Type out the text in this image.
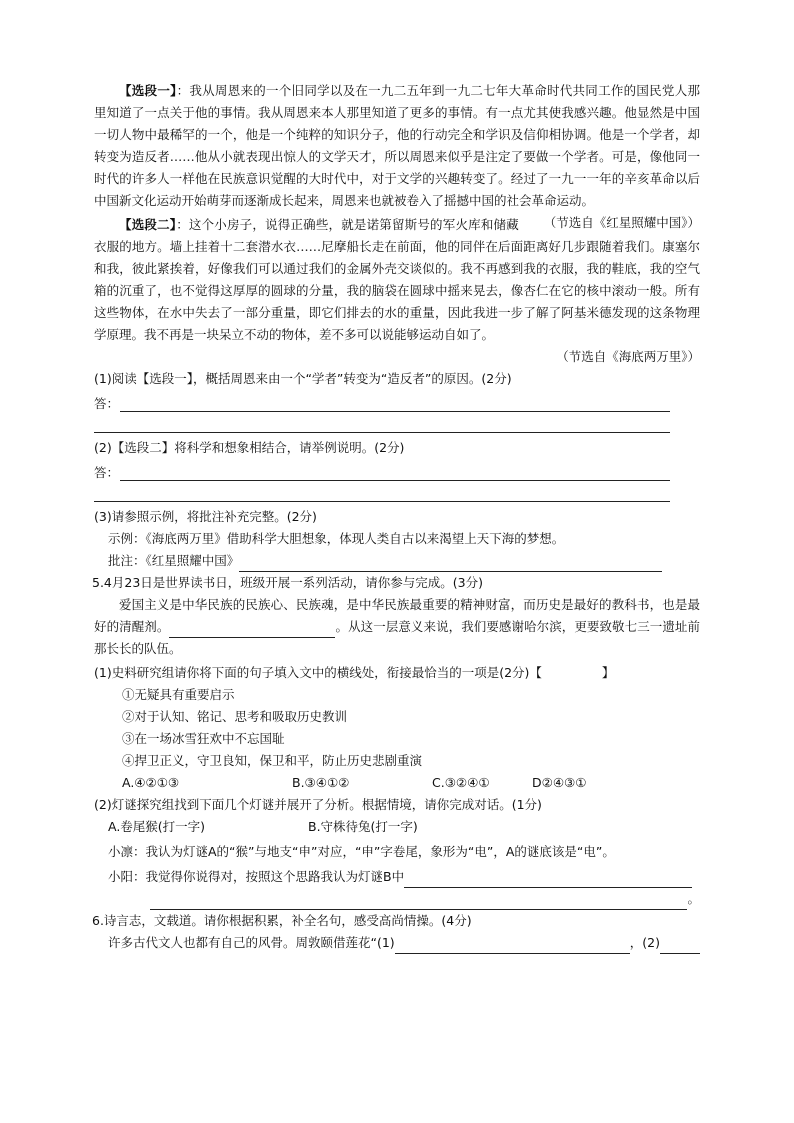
【选段一】：我从周恩来的一个旧同学以及在一九二五年到一九二七年大革命时代共同工作的国民党人那里知道了一点关于他的事情。我从周恩来本人那里知道了更多的事情。有一点尤其使我感兴趣。他显然是中国一切人物中最稀罕的一个，他是一个纯粹的知识分子，他的行动完全和学识及信仰相协调。他是一个学者，却转变为造反者……他从小就表现出惊人的文学天才，所以周恩来似乎是注定了要做一个学者。可是，像他同一时代的许多人一样他在民族意识觉醒的大时代中，对于文学的兴趣转变了。经过了一九一一年的辛亥革命以后中国新文化运动开始萌芽而逐渐成长起来，周恩来也就被卷入了摇撼中国的社会革命运动。
（节选自《红星照耀中国》）

【选段二】：这个小房子，说得正确些，就是诺第留斯号的军火库和储藏衣服的地方。墙上挂着十二套潜水衣……尼摩船长走在前面，他的同伴在后面距离好几步跟随着我们。康塞尔和我，彼此紧挨着，好像我们可以通过我们的金属外壳交谈似的。我不再感到我的衣服，我的鞋底，我的空气箱的沉重了，也不觉得这厚厚的圆球的分量，我的脑袋在圆球中摇来晃去，像杏仁在它的核中滚动一般。所有这些物体，在水中失去了一部分重量，即它们排去的水的重量，因此我进一步了解了阿基米德发现的这条物理学原理。我不再是一块呆立不动的物体，差不多可以说能够运动自如了。

（节选自《海底两万里》）

(1)阅读【选段一】，概括周恩来由一个“学者”转变为“造反者”的原因。(2分)

答：

(2)【选段二】将科学和想象相结合，请举例说明。(2分)

答：

(3)请参照示例，将批注补充完整。(2分)

示例：《海底两万里》借助科学大胆想象，体现人类自古以来渴望上天下海的梦想。

批注：《红星照耀中国》

5.4月23日是世界读书日，班级开展一系列活动，请你参与完成。(3分)

爱国主义是中华民族的民族心、民族魂，是中华民族最重要的精神财富，而历史是最好的教科书，也是最好的清醒剂。	。从这一层意义来说，我们要感谢哈尔滨，更要致敬七三一遗址前那长长的队伍。

(1)史料研究组请你将下面的句子填入文中的横线处，衔接最恰当的一项是(2分)【	】

①无疑具有重要启示

②对于认知、铭记、思考和吸取历史教训

③在一场冰雪狂欢中不忘国耻

④捍卫正义，守卫良知，保卫和平，防止历史悲剧重演

A.④②①③	B.③④①②	C.③②④①	D②④③①

(2)灯谜探究组找到下面几个灯谜并展开了分析。根据情境，请你完成对话。(1分)

A.卷尾猴(打一字)	B.守株待兔(打一字)

小凛：我认为灯谜A的“猴”与地支“申”对应，“申”字卷尾，象形为“电”，A的谜底该是“电”。

小阳：我觉得你说得对，按照这个思路我认为灯谜B中
。

6.诗言志，文载道。请你根据积累，补全名句，感受高尚情操。(4分)

许多古代文人也都有自己的风骨。周敦颐借莲花“(1)	，(2)
